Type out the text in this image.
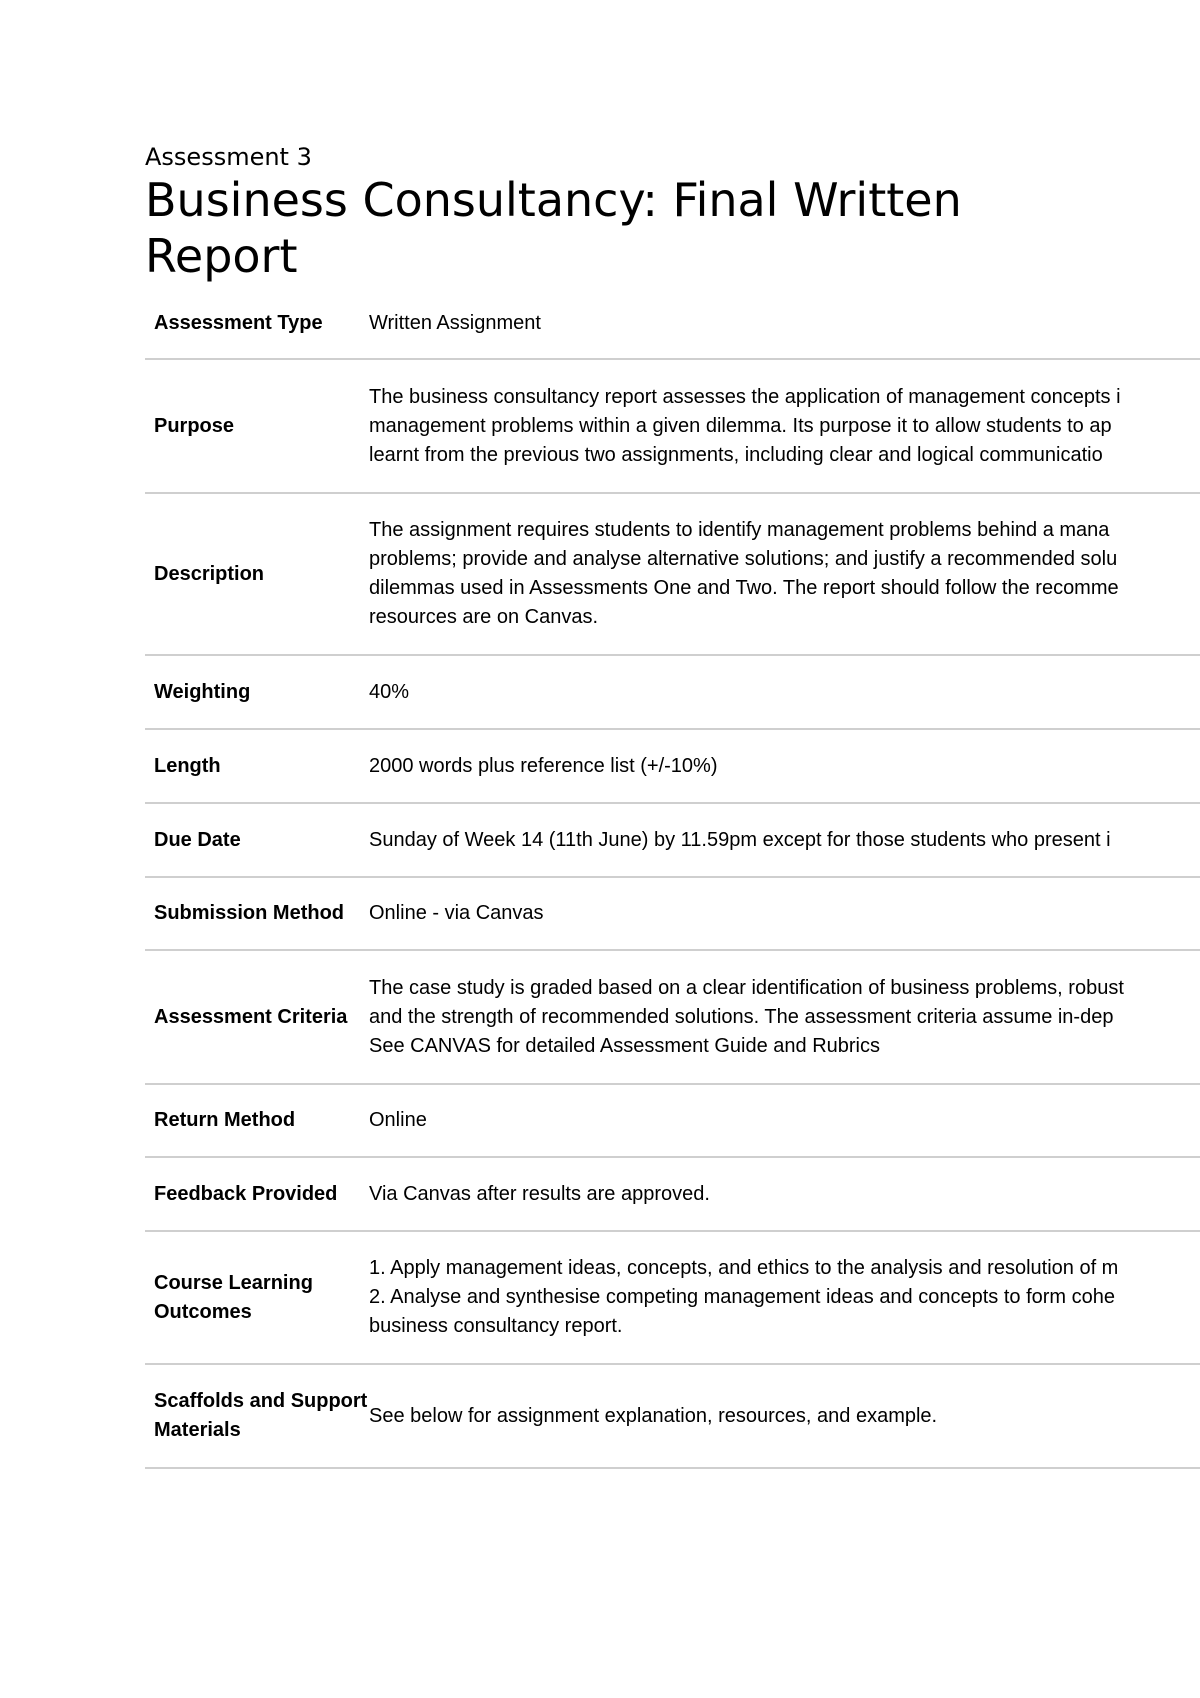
Assessment 3

Business Consultancy: Final Written Report
Assessment Type	Written Assignment

Purpose	The business consultancy report assesses the application of management concepts i
management problems within a given dilemma. Its purpose it to allow students to ap
learnt from the previous two assignments, including clear and logical communicatio

Description	The assignment requires students to identify management problems behind a mana
problems; provide and analyse alternative solutions; and justify a recommended solu
dilemmas used in Assessments One and Two. The report should follow the recomme
resources are on Canvas.

Weighting	40%

Length	2000 words plus reference list (+/-10%)

Due Date	Sunday of Week 14 (11th June) by 11.59pm except for those students who present i

Submission Method	Online - via Canvas

Assessment Criteria	The case study is graded based on a clear identification of business problems, robust
and the strength of recommended solutions. The assessment criteria assume in-dep
See CANVAS for detailed Assessment Guide and Rubrics

Return Method	Online

Feedback Provided	Via Canvas after results are approved.

Course Learning Outcomes	1. Apply management ideas, concepts, and ethics to the analysis and resolution of m
2. Analyse and synthesise competing management ideas and concepts to form cohe
business consultancy report.

Scaffolds and Support Materials	See below for assignment explanation, resources, and example.
